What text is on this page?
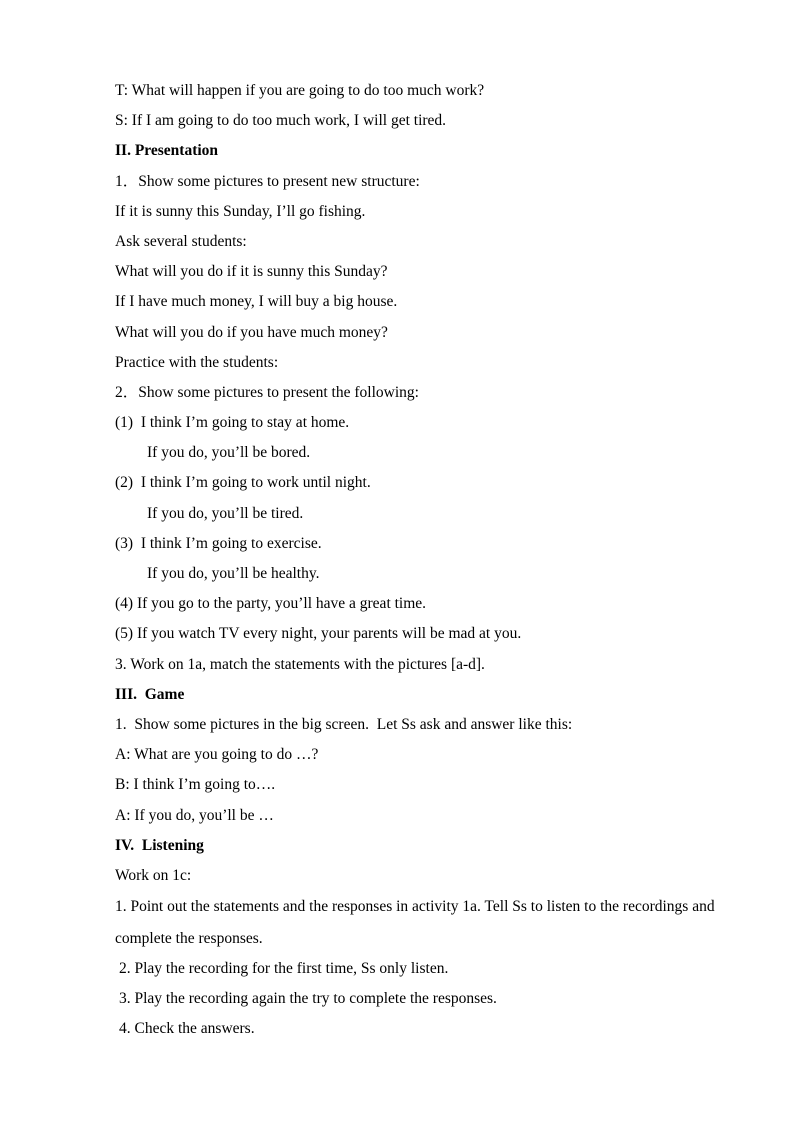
T: What will happen if you are going to do too much work?
S: If I am going to do too much work, I will get tired.
II. Presentation
1．Show some pictures to present new structure:
If it is sunny this Sunday, I’ll go fishing.
Ask several students:
What will you do if it is sunny this Sunday?
If I have much money, I will buy a big house.
What will you do if you have much money?
Practice with the students:
2．Show some pictures to present the following:
(1)  I think I’m going to stay at home.
If you do, you’ll be bored.
(2)  I think I’m going to work until night.
If you do, you’ll be tired.
(3)  I think I’m going to exercise.
If you do, you’ll be healthy.
(4) If you go to the party, you’ll have a great time.
(5) If you watch TV every night, your parents will be mad at you.
3. Work on 1a, match the statements with the pictures [a-d].
III.  Game
1.  Show some pictures in the big screen.  Let Ss ask and answer like this:
A: What are you going to do …?
B: I think I’m going to….
A: If you do, you’ll be …
IV.  Listening
Work on 1c:
1. Point out the statements and the responses in activity 1a. Tell Ss to listen to the recordings and complete the responses.
2. Play the recording for the first time, Ss only listen.
3. Play the recording again the try to complete the responses.
4. Check the answers.
